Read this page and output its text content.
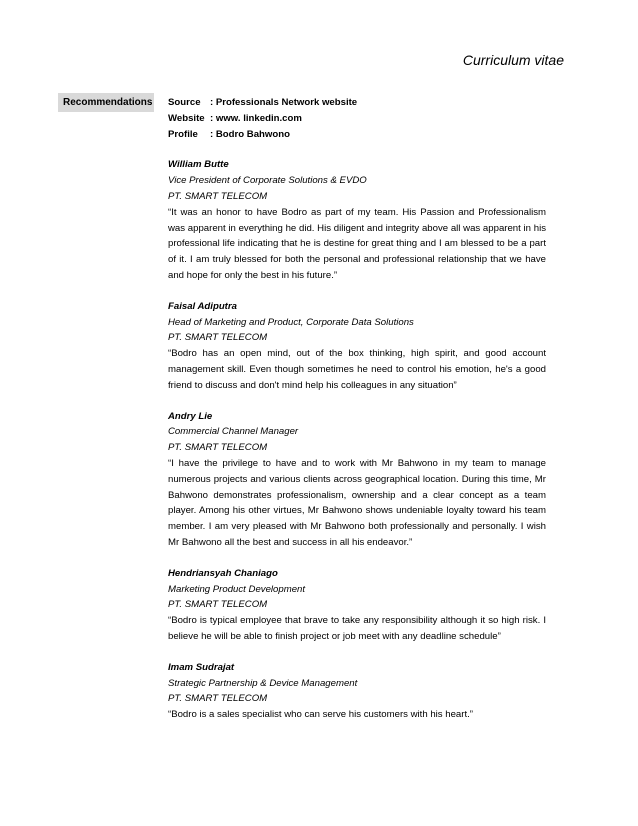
Curriculum vitae
Recommendations Source : Professionals Network website
Website : www. linkedin.com
Profile	: Bodro Bahwono
William Butte
Vice President of Corporate Solutions & EVDO
PT. SMART TELECOM
“It was an honor to have Bodro as part of my team. His Passion and Professionalism was apparent in everything he did. His diligent and integrity above all was apparent in his professional life indicating that he is destine for great thing and I am blessed to be a part of it. I am truly blessed for both the personal and professional relationship that we have and hope for only the best in his future.”
Faisal Adiputra
Head of Marketing and Product, Corporate Data Solutions
PT. SMART TELECOM
“Bodro has an open mind, out of the box thinking, high spirit, and good account management skill. Even though sometimes he need to control his emotion, he's a good friend to discuss and don't mind help his colleagues in any situation”
Andry Lie
Commercial Channel Manager
PT. SMART TELECOM
“I have the privilege to have and to work with Mr Bahwono in my team to manage numerous projects and various clients across geographical location. During this time, Mr Bahwono demonstrates professionalism, ownership and a clear concept as a team player. Among his other virtues, Mr Bahwono shows undeniable loyalty toward his team member. I am very pleased with Mr Bahwono both professionally and personally. I wish Mr Bahwono all the best and success in all his endeavor.”
Hendriansyah Chaniago
Marketing Product Development
PT. SMART TELECOM
“Bodro is typical employee that brave to take any responsibility although it so high risk. I believe he will be able to finish project or job meet with any deadline schedule”
Imam Sudrajat
Strategic Partnership & Device Management
PT. SMART TELECOM
“Bodro is a sales specialist who can serve his customers with his heart.”
